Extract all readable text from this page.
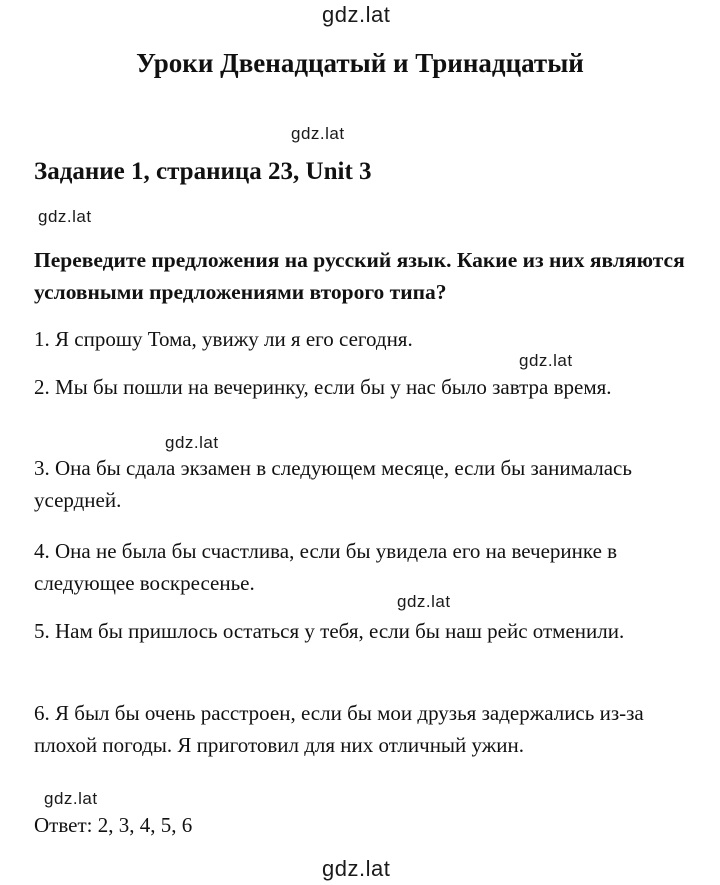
gdz.lat
Уроки Двенадцатый и Тринадцатый
gdz.lat
Задание 1, страница 23, Unit 3
gdz.lat

Переведите предложения на русский язык. Какие из них являются условными предложениями второго типа?

1. Я спрошу Тома, увижу ли я его сегодня.

gdz.lat

2. Мы бы пошли на вечеринку, если бы у нас было завтра время.

gdz.lat

3. Она бы сдала экзамен в следующем месяце, если бы занималась усердней.

4. Она не была бы счастлива, если бы увидела его на вечеринке в следующее воскресенье.

gdz.lat

5. Нам бы пришлось остаться у тебя, если бы наш рейс отменили.

6. Я был бы очень расстроен, если бы мои друзья задержались из-за плохой погоды. Я приготовил для них отличный ужин.

gdz.lat

Ответ: 2, 3, 4, 5, 6

gdz.lat
